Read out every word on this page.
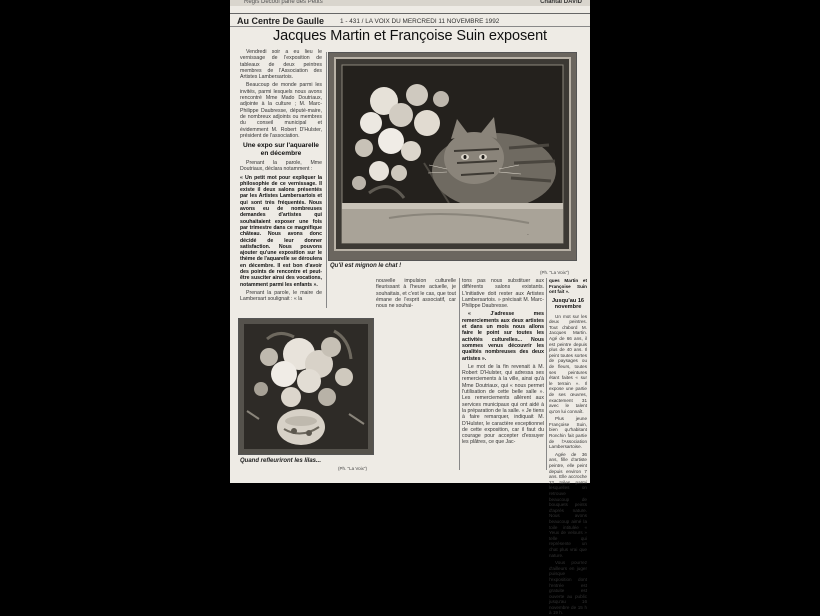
Régis Decool parle des Petits	Chantal DAVID
Au Centre De Gaulle 1 - 431 / LA VOIX DU MERCREDI 11 NOVEMBRE 1992
Jacques Martin et Françoise Suin exposent

Vendredi soir a eu lieu le vernissage de l'exposition de tableaux de deux peintres membres de l'Association des Artistes Lambersartois.

Beaucoup de monde parmi les invités, parmi lesquels nous avons rencontré Mme Mado Doutriaux, adjointe à la culture ; M. Marc-Philippe Daubresse, député-maire, de nombreux adjoints ou membres du conseil municipal et évidemment M. Robert D'Hulster, président de l'association.

Une expo sur l'aquarelle en décembre

Prenant la parole, Mme Doutriaux, déclara notamment :

« Un petit mot pour expliquer la philosophie de ce vernissage. Il existe il deux salons présentés par les Artistes Lambersartois et qui sont très fréquentés. Nous avons eu de nombreuses demandes d'artistes qui souhaitaient exposer une fois par trimestre dans ce magnifique château. Nous avons donc décidé de leur donner satisfaction. Nous pouvons ajouter qu'une exposition sur le thème de l'aquarelle se déroulera en décembre. Il est bon d'avoir des points de rencontre et peut-être susciter ainsi des vocations, notamment parmi les enfants ».

Prenant la parole, le maire de Lambersart soulignait : « la

.
Qu'il est mignon le chat !
(Ph. "La Voix")
Quand refleuriront les lilas...
(Ph. "La Voix")

nouvelle impulsion culturelle fleurissant à l'heure actuelle, je souhaitais, et c'est le cas, que tout émane de l'esprit associatif, car nous ne souhai-

tons pas nous substituer aux différents salons existants. L'initiative doit rester aux Artistes Lambersartois. » précisait M. Marc-Philippe Daubresse.

« J'adresse mes remerciements aux deux artistes et dans un mois nous allons faire le point sur toutes les activités culturelles... Nous sommes venus découvrir les qualités nombreuses des deux artistes ».

Le mot de la fin revenait à M. Robert D'Hulster, qui adressa ses remerciements à la ville, ainsi qu'à Mme Doutriaux, qui « nous permet l'utilisation de cette belle salle ». Les remerciements allèrent aux services municipaux qui ont aidé à la préparation de la salle. « Je tiens à faire remarquer, indiquait M. D'Hulster, le caractère exceptionnel de cette exposition, car il faut du courage pour accepter d'essuyer les plâtres, ce que Jac-

ques Martin et Françoise Suin ont fait ».

Jusqu'au 16 novembre

Un mot sur les deux peintres. Tout d'abord M. Jacques Martin. Agé de 66 ans, il est peintre depuis plus de 40 ans. Il peint toutes sortes de paysages ou de fleurs, toutes ses peintures étant faites « sur le terrain ». Il expose une partie de ses œuvres, exactement 31 avec le talent qu'on lui connaît.

Plus jeune Françoise Suin, bien qu'habitant Ronchin fait partie de l'Association Lambersartoise.

Agée de 36 ans, fille d'artiste peintre, elle peint depuis environ 7 ans. Elle accroche 22 toiles parmi lesquelles on retrouve beaucoup de bouquets peints d'après nature. Nous avons beaucoup aimé la toile intitulée « Yeux de velours » telle qui représente un chat plus vrai que nature.

Vous pourrez d'ailleurs en juger puisque l'exposition dont l'entrée est gratuite est ouverte au public jusqu'au 16 novembre de 15 h à 19 h.
